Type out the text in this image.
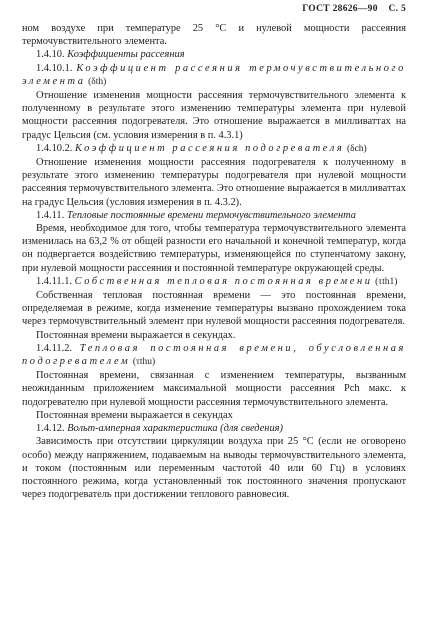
ГОСТ 28626—90 С. 5

ном воздухе при температуре 25 °С и нулевой мощности рассеяния термочувствительного элемента.

1.4.10. Коэффициенты рассеяния

1.4.10.1. Коэффициент рассеяния термочувствительного элемента (δth)

Отношение изменения мощности рассеяния термочувствительного элемента к полученному в результате этого изменению температуры элемента при нулевой мощности рассеяния подогревателя. Это отношение выражается в милливаттах на градус Цельсия (см. условия измерения в п. 4.3.1)

1.4.10.2. Коэффициент рассеяния подогревателя (δch)

Отношение изменения мощности рассеяния подогревателя к полученному в результате этого изменению температуры подогревателя при нулевой мощности рассеяния термочувствительного элемента. Это отношение выражается в милливаттах на градус Цельсия (условия измерения в п. 4.3.2).

1.4.11. Тепловые постоянные времени термочувствительного элемента

Время, необходимое для того, чтобы температура термочувствительного элемента изменилась на 63,2 % от общей разности его начальной и конечной температур, когда он подвергается воздействию температуры, изменяющейся по ступенчатому закону, при нулевой мощности рассеяния и постоянной температуре окружающей среды.

1.4.11.1. Собственная тепловая постоянная времени (τth1)

Собственная тепловая постоянная времени — это постоянная времени, определяемая в режиме, когда изменение температуры вызвано прохождением тока через термочувствительный элемент при нулевой мощности рассеяния подогревателя.

Постоянная времени выражается в секундах.

1.4.11.2. Тепловая постоянная времени, обусловленная подогревателем (τthu)

Постоянная времени, связанная с изменением температуры, вызванным неожиданным приложением максимальной мощности рассеяния Pch макс. к подогревателю при нулевой мощности рассеяния термочувствительного элемента.

Постоянная времени выражается в секундах

1.4.12. Вольт-амперная характеристика (для сведения)

Зависимость при отсутствии циркуляции воздуха при 25 °С (если не оговорено особо) между напряжением, подаваемым на выводы термочувствительного элемента, и током (постоянным или переменным частотой 40 или 60 Гц) в условиях постоянного режима, когда установленный ток постоянного значения пропускают через подогреватель при достижении теплового равновесия.
